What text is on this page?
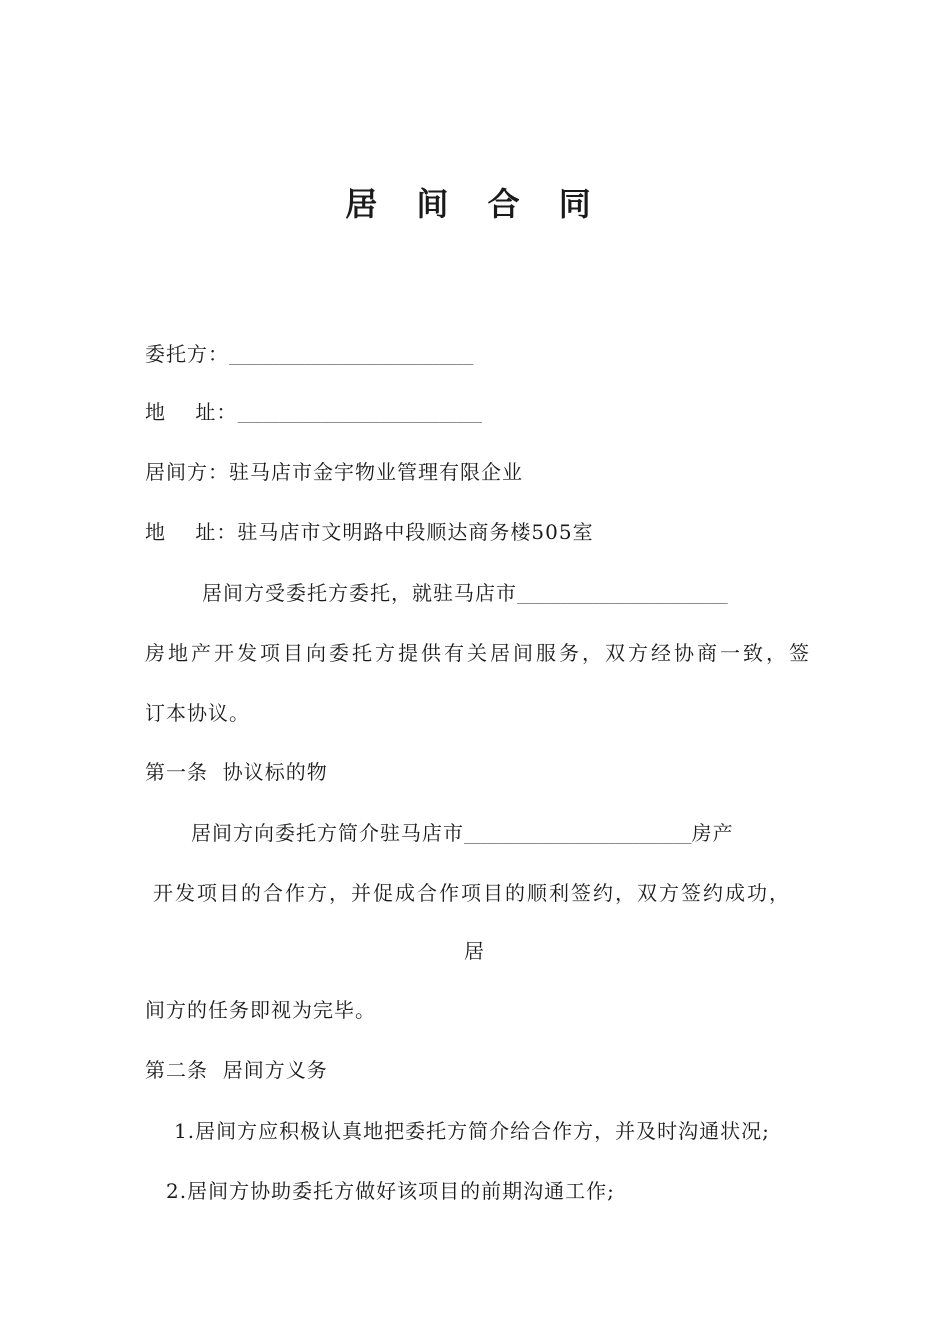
居 间 合 同
委托方：_____________________________
地    址：_____________________________
居间方：驻马店市金宇物业管理有限企业
地    址：驻马店市文明路中段顺达商务楼505室
居间方受委托方委托，就驻马店市_________________________
房地产开发项目向委托方提供有关居间服务，双方经协商一致，签
订本协议。
第一条  协议标的物
居间方向委托方简介驻马店市___________________________房产
开发项目的合作方，并促成合作项目的顺利签约，双方签约成功，
居
间方的任务即视为完毕。
第二条  居间方义务
1.居间方应积极认真地把委托方简介给合作方，并及时沟通状况;
2.居间方协助委托方做好该项目的前期沟通工作;
